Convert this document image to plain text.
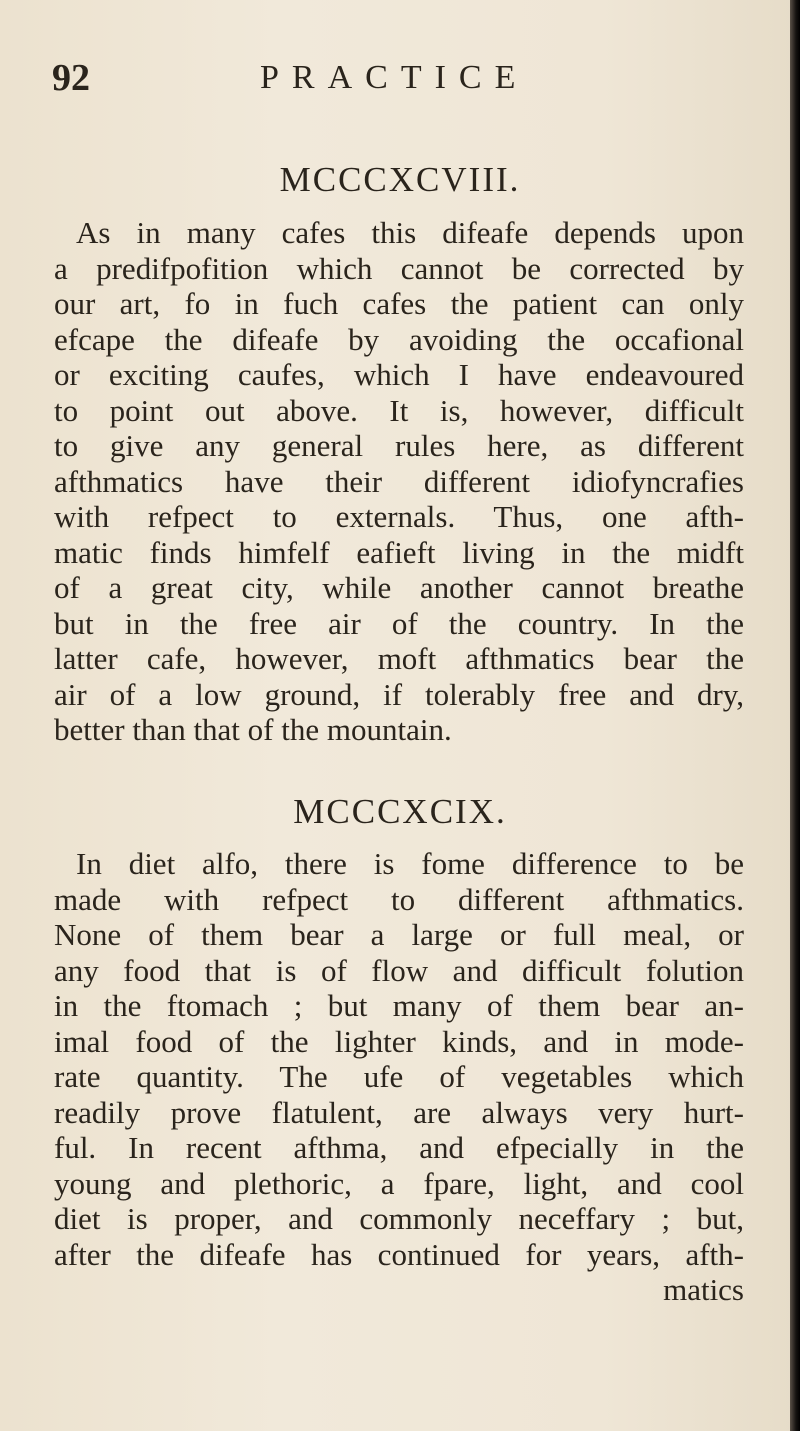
92	PRACTICE
MCCCXCVIII.
As in many cafes this difeafe depends upon
a predifpofition which cannot be corrected by
our art, fo in fuch cafes the patient can only
efcape the difeafe by avoiding the occafional
or exciting caufes, which I have endeavoured
to point out above. It is, however, difficult
to give any general rules here, as different
afthmatics have their different idiofyncrafies
with refpect to externals. Thus, one afth-
matic finds himfelf eafieft living in the midft
of a great city, while another cannot breathe
but in the free air of the country. In the
latter cafe, however, moft afthmatics bear the
air of a low ground, if tolerably free and dry,
better than that of the mountain.
MCCCXCIX.
In diet alfo, there is fome difference to be
made with refpect to different afthmatics.
None of them bear a large or full meal, or
any food that is of flow and difficult folution
in the ftomach ; but many of them bear an-
imal food of the lighter kinds, and in mode-
rate quantity. The ufe of vegetables which
readily prove flatulent, are always very hurt-
ful. In recent afthma, and efpecially in the
young and plethoric, a fpare, light, and cool
diet is proper, and commonly neceffary ; but,
after the difeafe has continued for years, afth-
matics
